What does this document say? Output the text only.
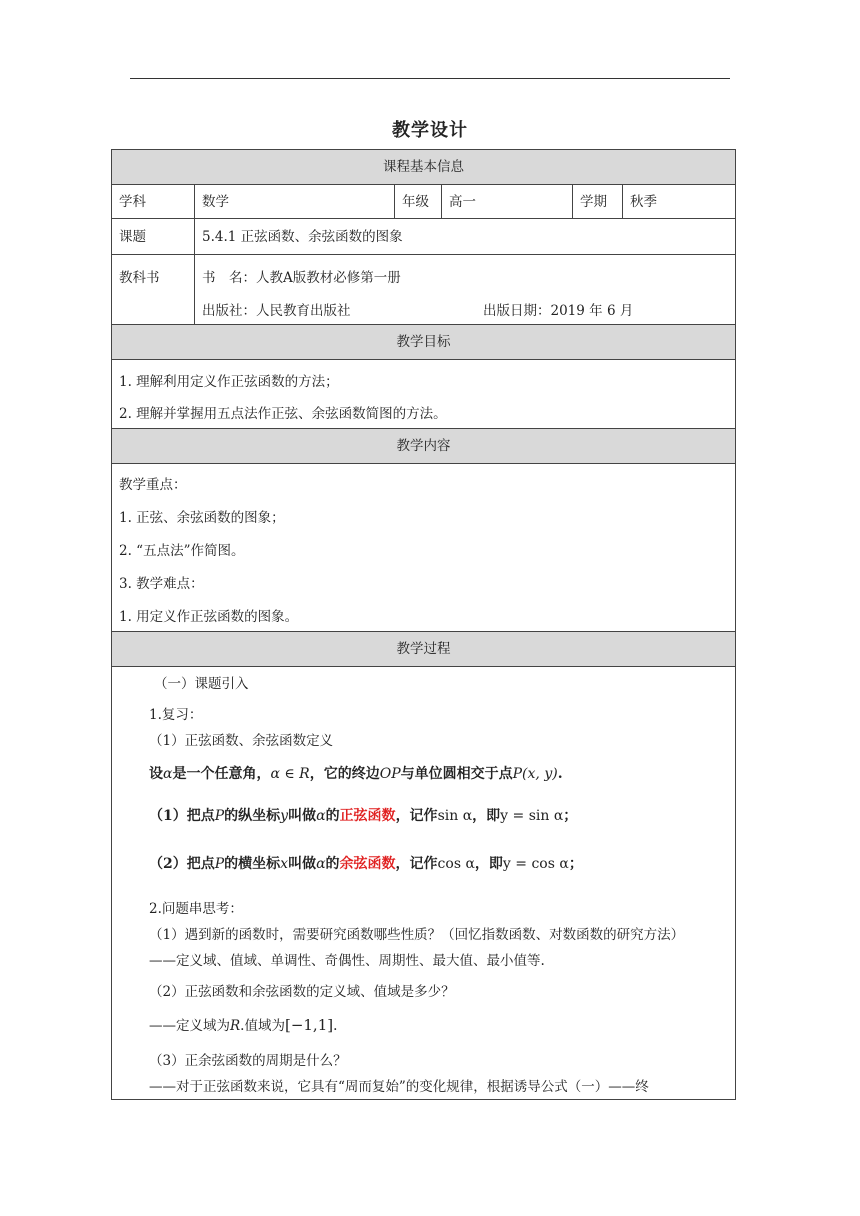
教学设计
课程基本信息
学科	数学	年级	高一	学期	秋季
课题	5.4.1 正弦函数、余弦函数的图象
教科书	书　名：人教A版教材必修第一册
出版社：人民教育出版社	出版日期：2019 年 6 月
教学目标
1. 理解利用定义作正弦函数的方法；
2. 理解并掌握用五点法作正弦、余弦函数简图的方法。
教学内容
教学重点：
1. 正弦、余弦函数的图象；
2. “五点法”作简图。
3. 教学难点：
1. 用定义作正弦函数的图象。
教学过程
（一）课题引入
1.复习：
（1）正弦函数、余弦函数定义
设α是一个任意角，α ∈ R，它的终边OP与单位圆相交于点P(x, y).
（1）把点P的纵坐标y叫做α的正弦函数，记作sin α，即y = sin α；
（2）把点P的横坐标x叫做α的余弦函数，记作cos α，即y = cos α；
2.问题串思考：
（1）遇到新的函数时，需要研究函数哪些性质？（回忆指数函数、对数函数的研究方法）
——定义域、值域、单调性、奇偶性、周期性、最大值、最小值等.
（2）正弦函数和余弦函数的定义域、值域是多少？
——定义域为R.值域为[−1,1].
（3）正余弦函数的周期是什么？
——对于正弦函数来说，它具有“周而复始”的变化规律，根据诱导公式（一）——终
